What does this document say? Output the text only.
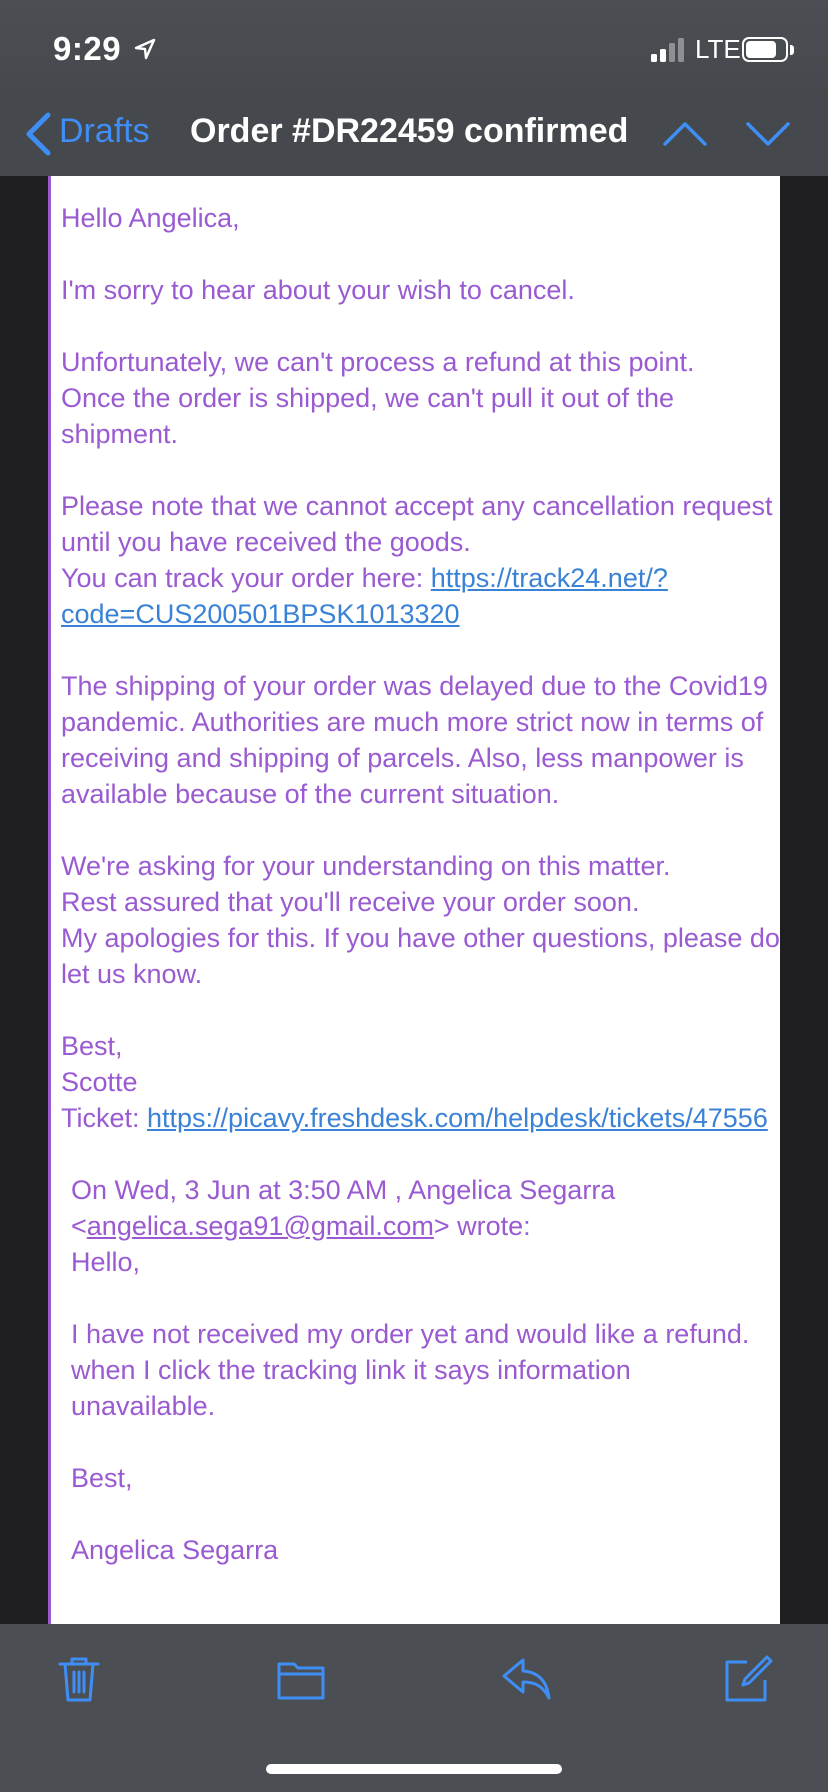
9:29	LTE
Drafts Order #DR22459 confirmed

Hello Angelica,

I'm sorry to hear about your wish to cancel.

Unfortunately, we can't process a refund at this point.

Once the order is shipped, we can't pull it out of the shipment.

Please note that we cannot accept any cancellation request until you have received the goods.

You can track your order here: https://track24.net/?code=CUS200501BPSK1013320

The shipping of your order was delayed due to the Covid19 pandemic. Authorities are much more strict now in terms of receiving and shipping of parcels. Also, less manpower is available because of the current situation.

We're asking for your understanding on this matter.

Rest assured that you'll receive your order soon.

My apologies for this. If you have other questions, please do let us know.

Best,

Scotte

Ticket: https://picavy.freshdesk.com/helpdesk/tickets/47556

On Wed, 3 Jun at 3:50 AM , Angelica Segarra <angelica.sega91@gmail.com> wrote:

Hello,

I have not received my order yet and would like a refund. when I click the tracking link it says information unavailable.

Best,

Angelica Segarra
